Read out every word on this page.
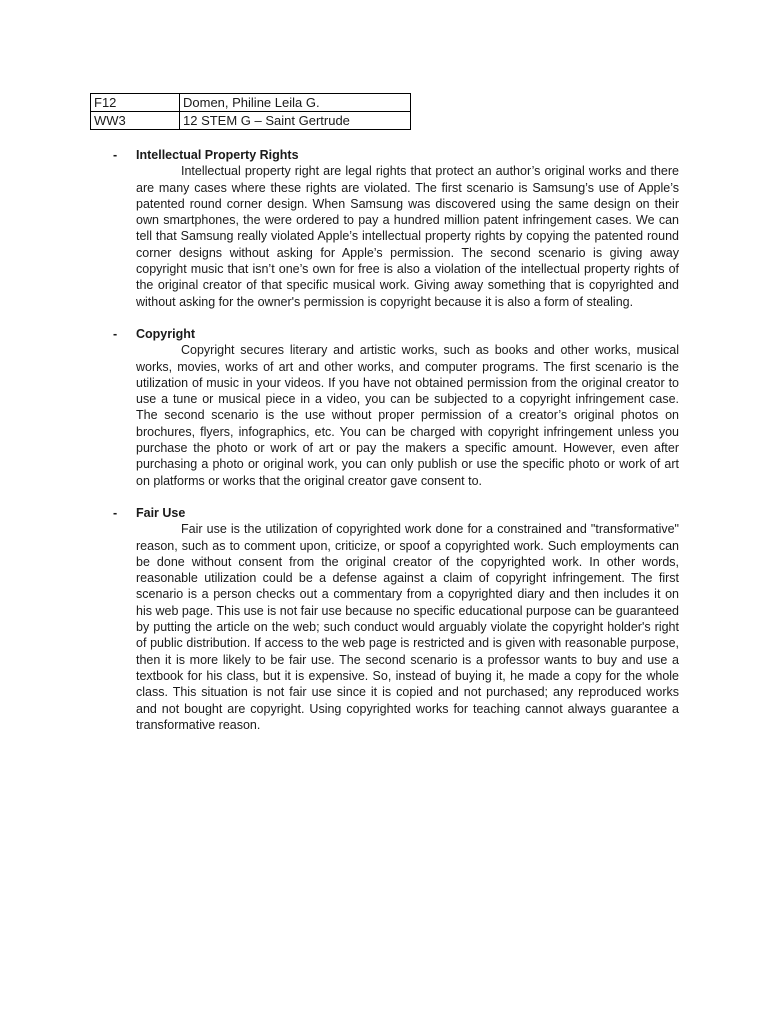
F12	Domen, Philine Leila G.
WW3	12 STEM G – Saint Gertrude
- Intellectual Property Rights

Intellectual property right are legal rights that protect an author’s original works and there are many cases where these rights are violated. The first scenario is Samsung’s use of Apple’s patented round corner design. When Samsung was discovered using the same design on their own smartphones, the were ordered to pay a hundred million patent infringement cases. We can tell that Samsung really violated Apple’s intellectual property rights by copying the patented round corner designs without asking for Apple’s permission. The second scenario is giving away copyright music that isn’t one’s own for free is also a violation of the intellectual property rights of the original creator of that specific musical work. Giving away something that is copyrighted and without asking for the owner's permission is copyright because it is also a form of stealing.

- Copyright

Copyright secures literary and artistic works, such as books and other works, musical works, movies, works of art and other works, and computer programs. The first scenario is the utilization of music in your videos. If you have not obtained permission from the original creator to use a tune or musical piece in a video, you can be subjected to a copyright infringement case. The second scenario is the use without proper permission of a creator’s original photos on brochures, flyers, infographics, etc. You can be charged with copyright infringement unless you purchase the photo or work of art or pay the makers a specific amount. However, even after purchasing a photo or original work, you can only publish or use the specific photo or work of art on platforms or works that the original creator gave consent to.

- Fair Use

Fair use is the utilization of copyrighted work done for a constrained and "transformative" reason, such as to comment upon, criticize, or spoof a copyrighted work. Such employments can be done without consent from the original creator of the copyrighted work. In other words, reasonable utilization could be a defense against a claim of copyright infringement. The first scenario is a person checks out a commentary from a copyrighted diary and then includes it on his web page. This use is not fair use because no specific educational purpose can be guaranteed by putting the article on the web; such conduct would arguably violate the copyright holder's right of public distribution. If access to the web page is restricted and is given with reasonable purpose, then it is more likely to be fair use. The second scenario is a professor wants to buy and use a textbook for his class, but it is expensive. So, instead of buying it, he made a copy for the whole class. This situation is not fair use since it is copied and not purchased; any reproduced works and not bought are copyright. Using copyrighted works for teaching cannot always guarantee a transformative reason.
